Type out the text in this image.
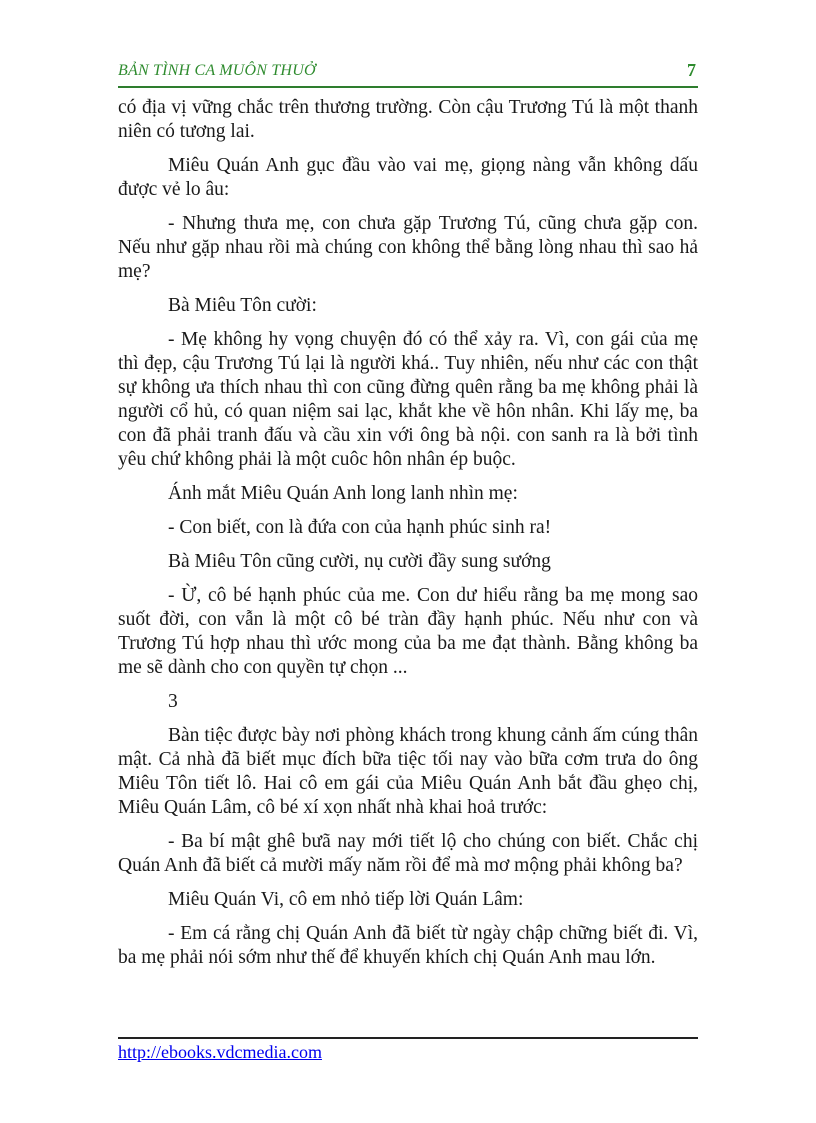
BẢN TÌNH CA MUÔN THUỞ	7

có địa vị vững chắc trên thương trường. Còn cậu Trương Tú là một thanh niên có tương lai.

Miêu Quán Anh gục đầu vào vai mẹ, giọng nàng vẫn không dấu được vẻ lo âu:

- Nhưng thưa mẹ, con chưa gặp Trương Tú, cũng chưa gặp con. Nếu như gặp nhau rồi mà chúng con không thể bằng lòng nhau thì sao hả mẹ?

Bà Miêu Tôn cười:

- Mẹ không hy vọng chuyện đó có thể xảy ra. Vì, con gái của mẹ thì đẹp, cậu Trương Tú lại là người khá.. Tuy nhiên, nếu như các con thật sự không ưa thích nhau thì con cũng đừng quên rằng ba mẹ không phải là người cổ hủ, có quan niệm sai lạc, khắt khe về hôn nhân. Khi lấy mẹ, ba con đã phải tranh đấu và cầu xin với ông bà nội. con sanh ra là bởi tình yêu chứ không phải là một cuôc hôn nhân ép buộc.

Ánh mắt Miêu Quán Anh long lanh nhìn mẹ:

- Con biết, con là đứa con của hạnh phúc sinh ra!

Bà Miêu Tôn cũng cười, nụ cười đầy sung sướng

- Ừ, cô bé hạnh phúc của me. Con dư hiểu rằng ba mẹ mong sao suốt đời, con vẫn là một cô bé tràn đầy hạnh phúc. Nếu như con và Trương Tú hợp nhau thì ước mong của ba me đạt thành. Bằng không ba me sẽ dành cho con quyền tự chọn ...

3

Bàn tiệc được bày nơi phòng khách trong khung cảnh ấm cúng thân mật. Cả nhà đã biết mục đích bữa tiệc tối nay vào bữa cơm trưa do ông Miêu Tôn tiết lô. Hai cô em gái của Miêu Quán Anh bắt đầu ghẹo chị, Miêu Quán Lâm, cô bé xí xọn nhất nhà khai hoả trước:

- Ba bí mật ghê bưã nay mới tiết lộ cho chúng con biết. Chắc chị Quán Anh đã biết cả mười mấy năm rồi để mà mơ mộng phải không ba?

Miêu Quán Vi, cô em nhỏ tiếp lời Quán Lâm:

- Em cá rằng chị Quán Anh đã biết từ ngày chập chững biết đi. Vì, ba mẹ phải nói sớm như thế để khuyến khích chị Quán Anh mau lớn.

http://ebooks.vdcmedia.com
